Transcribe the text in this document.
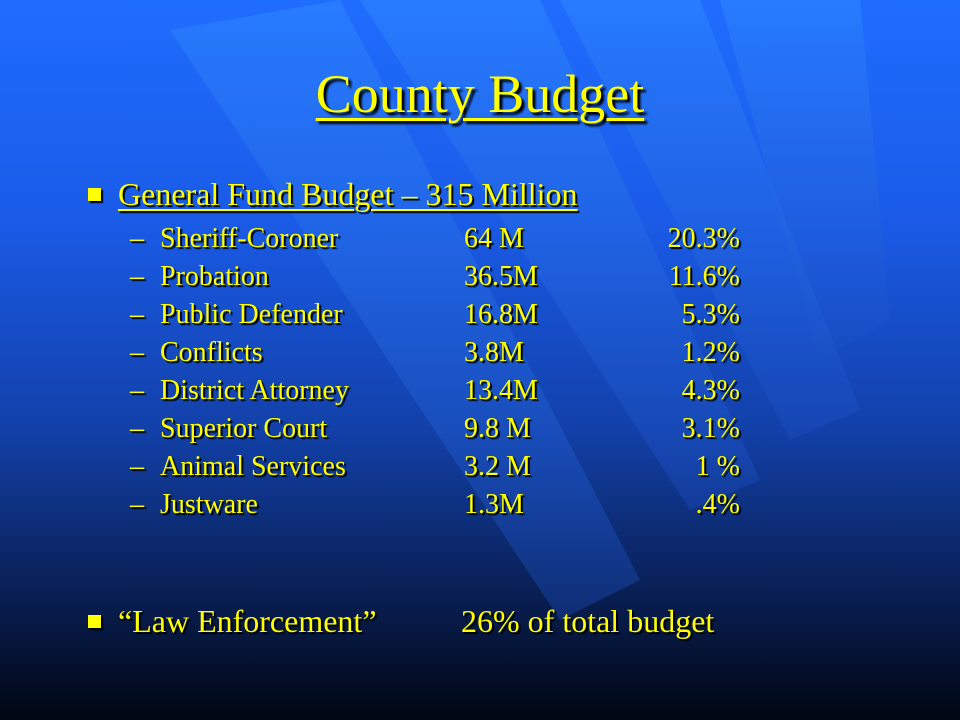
County Budget
General Fund Budget – 315 Million
– Sheriff-Coroner	64 M	20.3%
– Probation	36.5M	11.6%
– Public Defender	16.8M	5.3%
– Conflicts	3.8M	1.2%
– District Attorney	13.4M	4.3%
– Superior Court	9.8 M	3.1%
– Animal Services	3.2 M	1 %
– Justware	1.3M	.4%
“Law Enforcement”	26% of total budget
